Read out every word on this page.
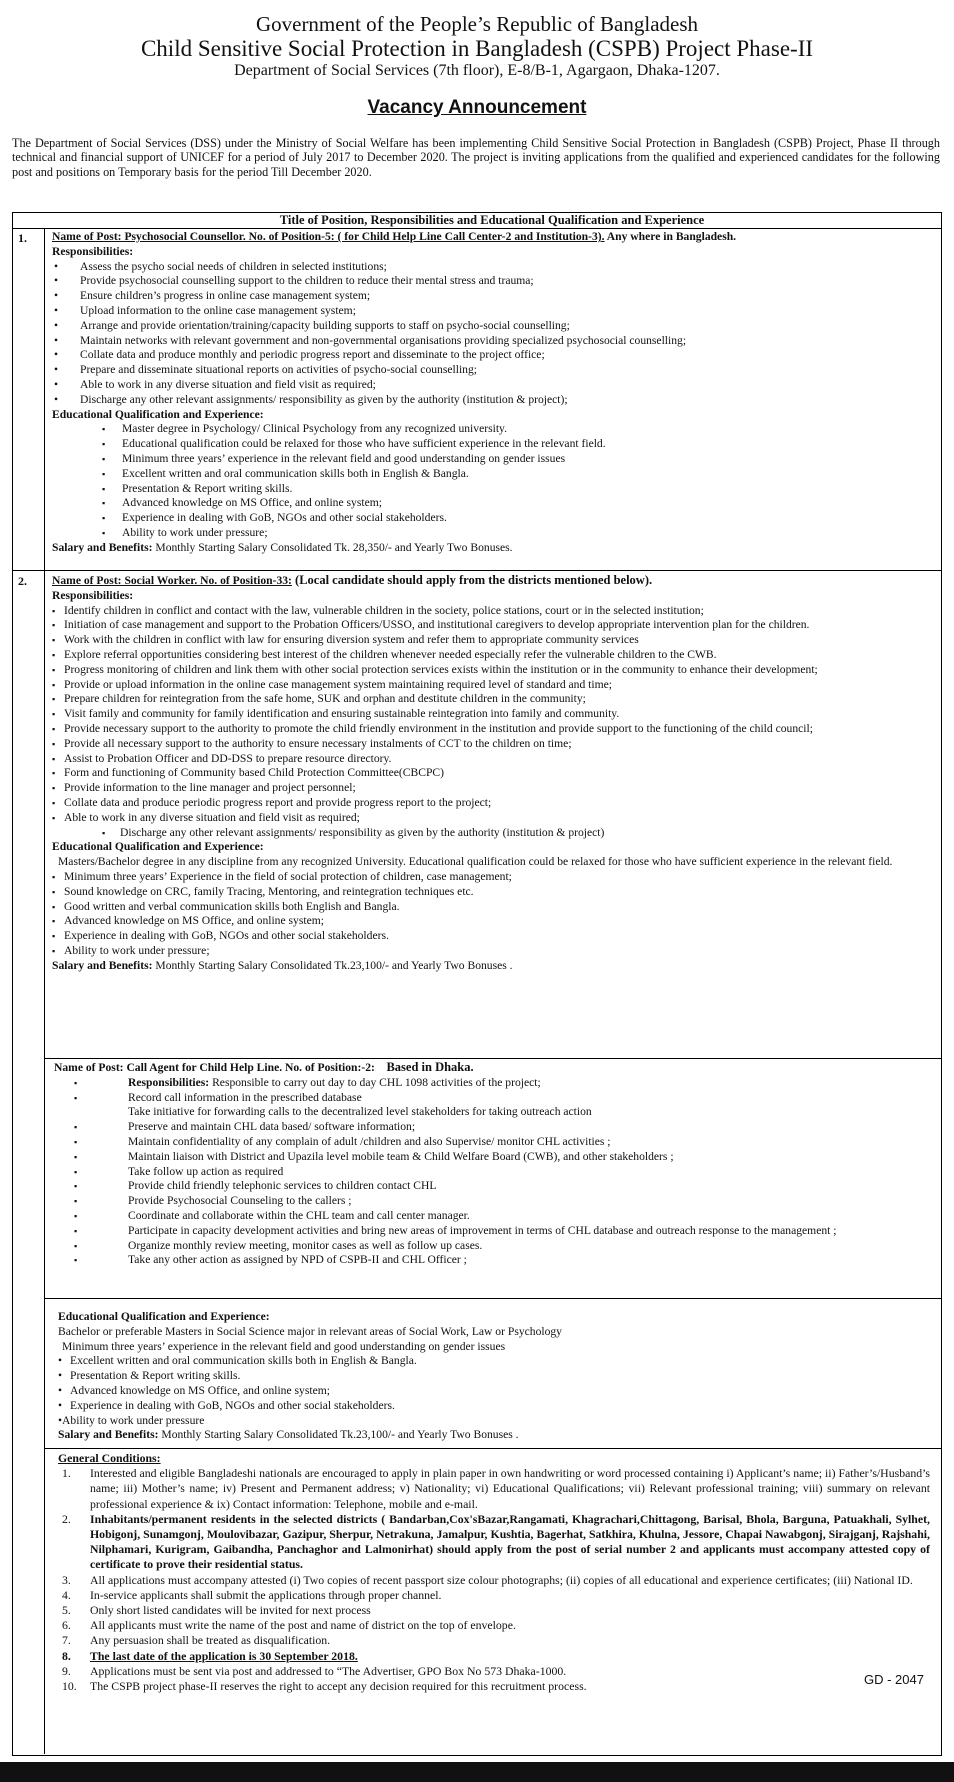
Government of the People’s Republic of Bangladesh
Child Sensitive Social Protection in Bangladesh (CSPB) Project Phase-II
Department of Social Services (7th floor), E-8/B-1, Agargaon, Dhaka-1207.
Vacancy Announcement
The Department of Social Services (DSS) under the Ministry of Social Welfare has been implementing Child Sensitive Social Protection in Bangladesh (CSPB) Project, Phase II through technical and financial support of UNICEF for a period of July 2017 to December 2020. The project is inviting applications from the qualified and experienced candidates for the following post and positions on Temporary basis for the period Till December 2020.
Title of Position, Responsibilities and Educational Qualification and Experience
1. Name of Post: Psychosocial Counsellor. No. of Position-5: ( for Child Help Line Call Center-2 and Institution-3). Any where in Bangladesh.

Responsibilities:

• Assess the psycho social needs of children in selected institutions;
• Provide psychosocial counselling support to the children to reduce their mental stress and trauma;
• Ensure children’s progress in online case management system;
• Upload information to the online case management system;
• Arrange and provide orientation/training/capacity building supports to staff on psycho-social counselling;
• Maintain networks with relevant government and non-governmental organisations providing specialized psychosocial counselling;
• Collate data and produce monthly and periodic progress report and disseminate to the project office;
• Prepare and disseminate situational reports on activities of psycho-social counselling;
• Able to work in any diverse situation and field visit as required;
• Discharge any other relevant assignments/ responsibility as given by the authority (institution & project);

Educational Qualification and Experience:

▪ Master degree in Psychology/ Clinical Psychology from any recognized university.
▪ Educational qualification could be relaxed for those who have sufficient experience in the relevant field.
▪ Minimum three years’ experience in the relevant field and good understanding on gender issues
▪ Excellent written and oral communication skills both in English & Bangla.
▪ Presentation & Report writing skills.
▪ Advanced knowledge on MS Office, and online system;
▪ Experience in dealing with GoB, NGOs and other social stakeholders.
▪ Ability to work under pressure;

Salary and Benefits: Monthly Starting Salary Consolidated Tk. 28,350/- and Yearly Two Bonuses.

2. Name of Post: Social Worker. No. of Position-33: (Local candidate should apply from the districts mentioned below).

Responsibilities:

▪ Identify children in conflict and contact with the law, vulnerable children in the society, police stations, court or in the selected institution;
▪ Initiation of case management and support to the Probation Officers/USSO, and institutional caregivers to develop appropriate intervention plan for the children.
▪ Work with the children in conflict with law for ensuring diversion system and refer them to appropriate community services
▪ Explore referral opportunities considering best interest of the children whenever needed especially refer the vulnerable children to the CWB.
▪ Progress monitoring of children and link them with other social protection services exists within the institution or in the community to enhance their development;
▪ Provide or upload information in the online case management system maintaining required level of standard and time;
▪ Prepare children for reintegration from the safe home, SUK and orphan and destitute children in the community;
▪ Visit family and community for family identification and ensuring sustainable reintegration into family and community.
▪ Provide necessary support to the authority to promote the child friendly environment in the institution and provide support to the functioning of the child council;
▪ Provide all necessary support to the authority to ensure necessary instalments of CCT to the children on time;
▪ Assist to Probation Officer and DD-DSS to prepare resource directory.
▪ Form and functioning of Community based Child Protection Committee(CBCPC)
▪ Provide information to the line manager and project personnel;
▪ Collate data and produce periodic progress report and provide progress report to the project;
▪ Able to work in any diverse situation and field visit as required;
▪ Discharge any other relevant assignments/ responsibility as given by the authority (institution & project)

Educational Qualification and Experience:

Masters/Bachelor degree in any discipline from any recognized University. Educational qualification could be relaxed for those who have sufficient experience in the relevant field.

▪ Minimum three years’ Experience in the field of social protection of children, case management;
▪ Sound knowledge on CRC, family Tracing, Mentoring, and reintegration techniques etc.
▪ Good written and verbal communication skills both English and Bangla.
▪ Advanced knowledge on MS Office, and online system;
▪ Experience in dealing with GoB, NGOs and other social stakeholders.
▪ Ability to work under pressure;

Salary and Benefits: Monthly Starting Salary Consolidated Tk.23,100/- and Yearly Two Bonuses .

Name of Post: Call Agent for Child Help Line. No. of Position:-2: Based in Dhaka.

▪ Responsibilities: Responsible to carry out day to day CHL 1098 activities of the project;
▪ Record call information in the prescribed database
Take initiative for forwarding calls to the decentralized level stakeholders for taking outreach action
▪ Preserve and maintain CHL data based/ software information;
▪ Maintain confidentiality of any complain of adult /children and also Supervise/ monitor CHL activities ;
▪ Maintain liaison with District and Upazila level mobile team & Child Welfare Board (CWB), and other stakeholders ;
▪ Take follow up action as required
▪ Provide child friendly telephonic services to children contact CHL
▪ Provide Psychosocial Counseling to the callers ;
▪ Coordinate and collaborate within the CHL team and call center manager.
▪ Participate in capacity development activities and bring new areas of improvement in terms of CHL database and outreach response to the management ;
▪ Organize monthly review meeting, monitor cases as well as follow up cases.
▪ Take any other action as assigned by NPD of CSPB-II and CHL Officer ;

Educational Qualification and Experience:

Bachelor or preferable Masters in Social Science major in relevant areas of Social Work, Law or Psychology

Minimum three years’ experience in the relevant field and good understanding on gender issues

• Excellent written and oral communication skills both in English & Bangla.
• Presentation & Report writing skills.
• Advanced knowledge on MS Office, and online system;
• Experience in dealing with GoB, NGOs and other social stakeholders.

•Ability to work under pressure

Salary and Benefits: Monthly Starting Salary Consolidated Tk.23,100/- and Yearly Two Bonuses .

General Conditions:

1. Interested and eligible Bangladeshi nationals are encouraged to apply in plain paper in own handwriting or word processed containing i) Applicant’s name; ii) Father’s/Husband’s name; iii) Mother’s name; iv) Present and Permanent address; v) Nationality; vi) Educational Qualifications; vii) Relevant professional training; viii) summary on relevant professional experience & ix) Contact information: Telephone, mobile and e-mail.
2. Inhabitants/permanent residents in the selected districts ( Bandarban,Cox'sBazar,Rangamati, Khagrachari,Chittagong, Barisal, Bhola, Barguna, Patuakhali, Sylhet, Hobigonj, Sunamgonj, Moulovibazar, Gazipur, Sherpur, Netrakuna, Jamalpur, Kushtia, Bagerhat, Satkhira, Khulna, Jessore, Chapai Nawabgonj, Sirajganj, Rajshahi, Nilphamari, Kurigram, Gaibandha, Panchaghor and Lalmonirhat) should apply from the post of serial number 2 and applicants must accompany attested copy of certificate to prove their residential status.
3. All applications must accompany attested (i) Two copies of recent passport size colour photographs; (ii) copies of all educational and experience certificates; (iii) National ID.
4. In-service applicants shall submit the applications through proper channel.
5. Only short listed candidates will be invited for next process
6. All applicants must write the name of the post and name of district on the top of envelope.
7. Any persuasion shall be treated as disqualification.
8. The last date of the application is 30 September 2018.
9. Applications must be sent via post and addressed to “The Advertiser, GPO Box No 573 Dhaka-1000.
10. The CSPB project phase-II reserves the right to accept any decision required for this recruitment process.	GD - 2047
